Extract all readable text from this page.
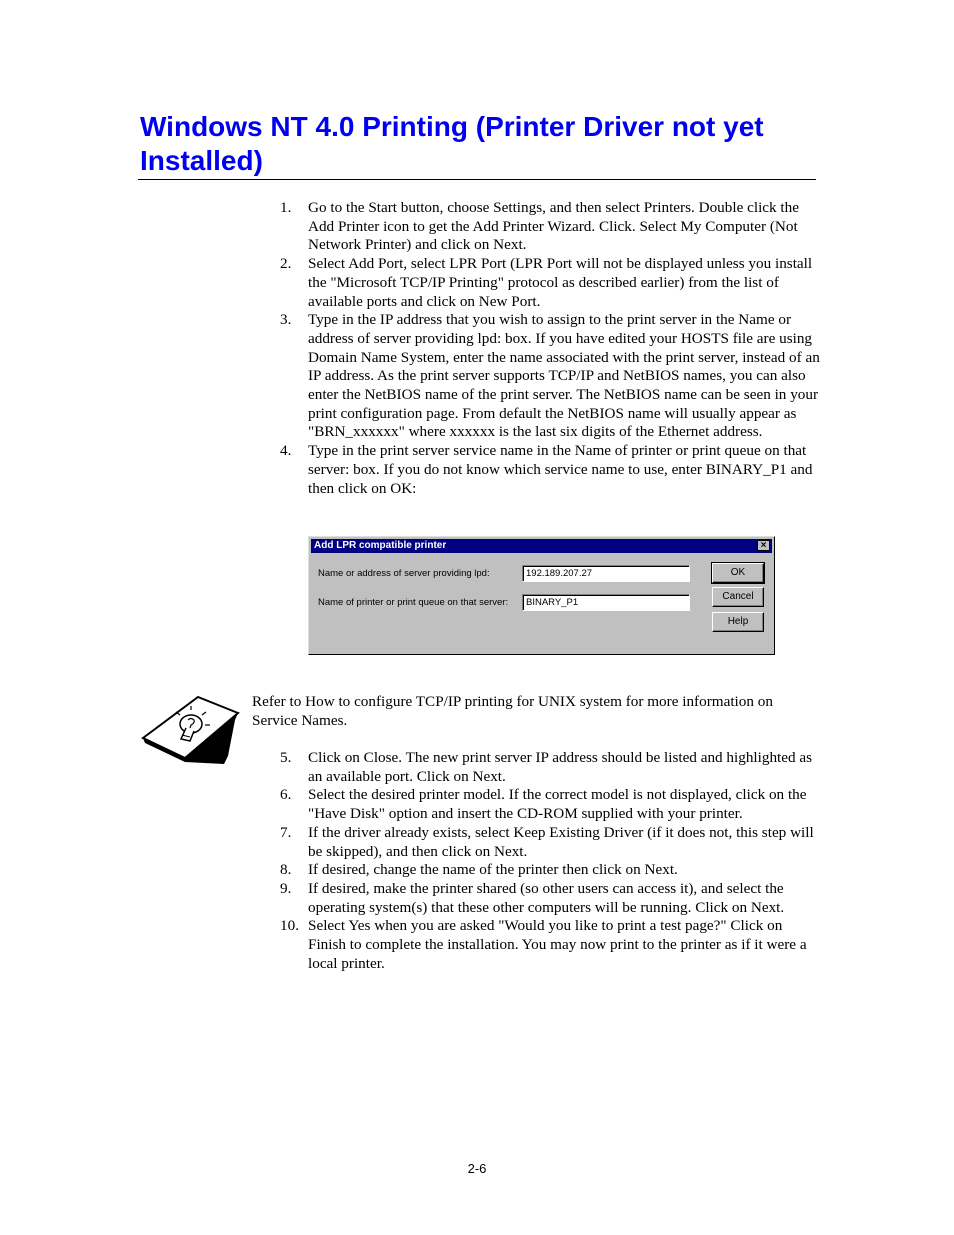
Windows NT 4.0 Printing (Printer Driver not yet Installed)
1. Go to the Start button, choose Settings, and then select Printers. Double click the Add Printer icon to get the Add Printer Wizard. Click. Select My Computer (Not Network Printer) and click on Next.
2. Select Add Port, select LPR Port (LPR Port will not be displayed unless you install the "Microsoft TCP/IP Printing" protocol as described earlier) from the list of available ports and click on New Port.
3. Type in the IP address that you wish to assign to the print server in the Name or address of server providing lpd: box. If you have edited your HOSTS file are using Domain Name System, enter the name associated with the print server, instead of an IP address. As the print server supports TCP/IP and NetBIOS names, you can also enter the NetBIOS name of the print server. The NetBIOS name can be seen in your print configuration page. From default the NetBIOS name will usually appear as "BRN_xxxxxx" where xxxxxx is the last six digits of the Ethernet address.
4. Type in the print server service name in the Name of printer or print queue on that server: box. If you do not know which service name to use, enter BINARY_P1 and then click on OK:
Add LPR compatible printer	×
Name or address of server providing lpd:	192.189.207.27
Name of printer or print queue on that server:	BINARY_P1
OK
Cancel
Help

Refer to How to configure TCP/IP printing for UNIX system for more information on Service Names.

5. Click on Close. The new print server IP address should be listed and highlighted as an available port. Click on Next.
6. Select the desired printer model. If the correct model is not displayed, click on the "Have Disk" option and insert the CD-ROM supplied with your printer.
7. If the driver already exists, select Keep Existing Driver (if it does not, this step will be skipped), and then click on Next.
8. If desired, change the name of the printer then click on Next.
9. If desired, make the printer shared (so other users can access it), and select the operating system(s) that these other computers will be running. Click on Next.
10. Select Yes when you are asked "Would you like to print a test page?" Click on Finish to complete the installation. You may now print to the printer as if it were a local printer.
2-6
